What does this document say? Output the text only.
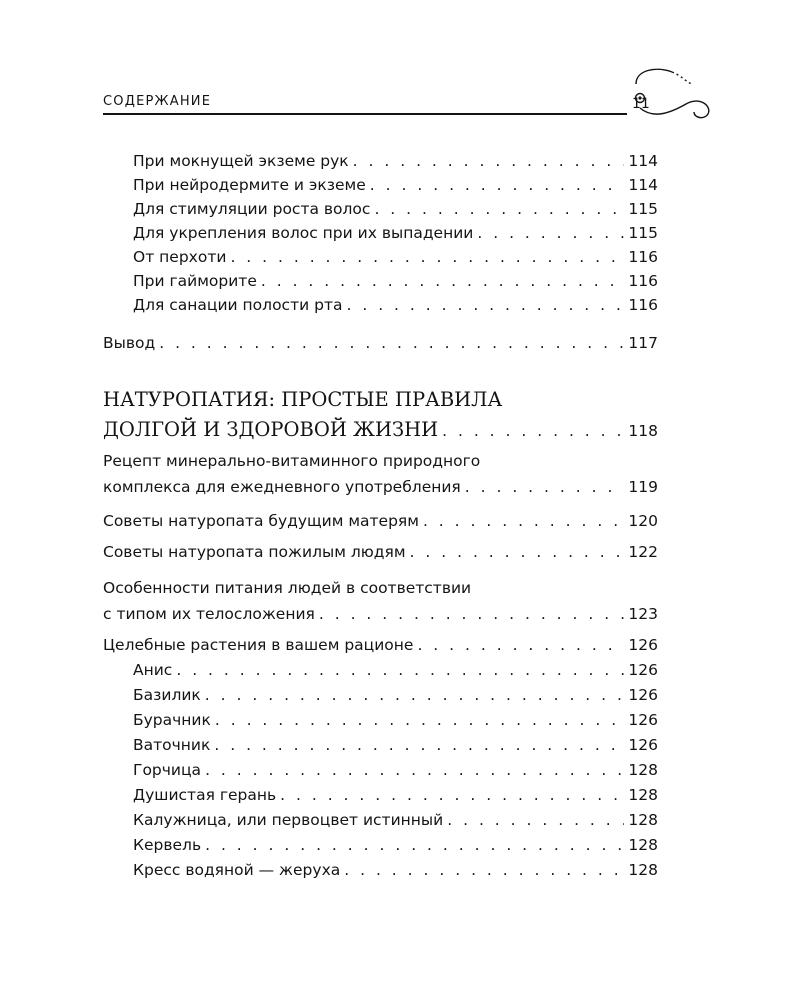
СОДЕРЖАНИЕ	11
При мокнущей экземе рук . . .	114
При нейродермите и экземе . . .	114
Для стимуляции роста волос . . .	115
Для укрепления волос при их выпадении . . .	115
От перхоти . . .	116
При гайморите . . .	116
Для санации полости рта . . .	116
Вывод . . .	117
НАТУРОПАТИЯ: ПРОСТЫЕ ПРАВИЛА
ДОЛГОЙ И ЗДОРОВОЙ ЖИЗНИ . . .	118
Рецепт минерально-витаминного природного
комплекса для ежедневного употребления . . .	119
Советы натуропата будущим матерям . . .	120
Советы натуропата пожилым людям . . .	122
Особенности питания людей в соответствии
с типом их телосложения . . .	123
Целебные растения в вашем рационе . . .	126
Анис . . .	126
Базилик . . .	126
Бурачник . . .	126
Ваточник . . .	126
Горчица . . .	128
Душистая герань . . .	128
Калужница, или первоцвет истинный . . .	128
Кервель . . .	128
Кресс водяной — жеруха . . .	128
